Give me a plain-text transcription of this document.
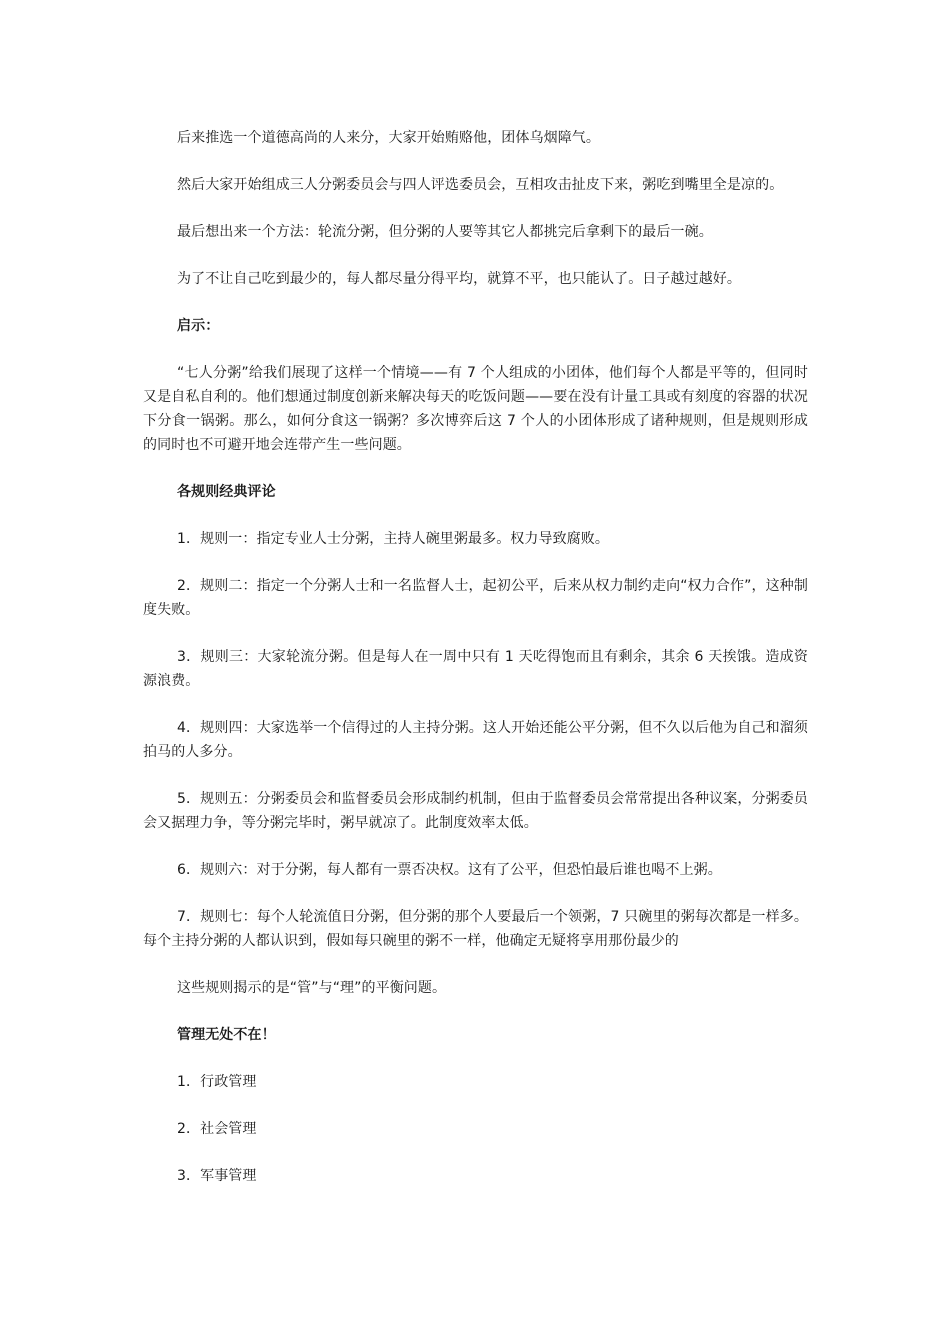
后来推选一个道德高尚的人来分，大家开始贿赂他，团体乌烟障气。

然后大家开始组成三人分粥委员会与四人评选委员会，互相攻击扯皮下来，粥吃到嘴里全是凉的。

最后想出来一个方法：轮流分粥，但分粥的人要等其它人都挑完后拿剩下的最后一碗。

为了不让自己吃到最少的，每人都尽量分得平均，就算不平，也只能认了。日子越过越好。

启示：

“七人分粥”给我们展现了这样一个情境——有 7 个人组成的小团体，他们每个人都是平等的，但同时又是自私自利的。他们想通过制度创新来解决每天的吃饭问题——要在没有计量工具或有刻度的容器的状况下分食一锅粥。那么，如何分食这一锅粥？多次博弈后这 7 个人的小团体形成了诸种规则，但是规则形成的同时也不可避开地会连带产生一些问题。

各规则经典评论

1．规则一：指定专业人士分粥，主持人碗里粥最多。权力导致腐败。

2．规则二：指定一个分粥人士和一名监督人士，起初公平，后来从权力制约走向“权力合作”，这种制度失败。

3．规则三：大家轮流分粥。但是每人在一周中只有 1 天吃得饱而且有剩余，其余 6 天挨饿。造成资源浪费。

4．规则四：大家选举一个信得过的人主持分粥。这人开始还能公平分粥，但不久以后他为自己和溜须拍马的人多分。

5．规则五：分粥委员会和监督委员会形成制约机制，但由于监督委员会常常提出各种议案，分粥委员会又据理力争，等分粥完毕时，粥早就凉了。此制度效率太低。

6．规则六：对于分粥，每人都有一票否决权。这有了公平，但恐怕最后谁也喝不上粥。

7．规则七：每个人轮流值日分粥，但分粥的那个人要最后一个领粥，7 只碗里的粥每次都是一样多。每个主持分粥的人都认识到，假如每只碗里的粥不一样，他确定无疑将享用那份最少的

这些规则揭示的是“管”与“理”的平衡问题。

管理无处不在！

1．行政管理

2．社会管理

3．军事管理
